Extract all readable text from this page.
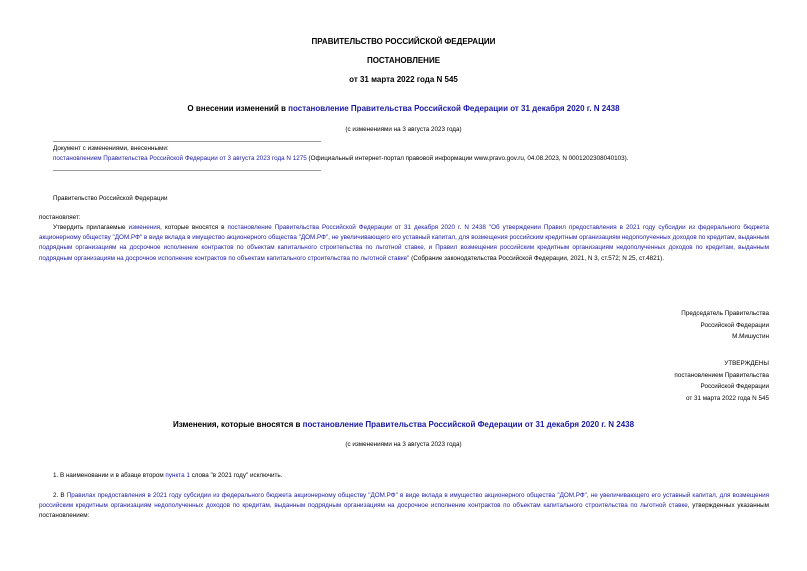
ПРАВИТЕЛЬСТВО РОССИЙСКОЙ ФЕДЕРАЦИИ
ПОСТАНОВЛЕНИЕ
от 31 марта 2022 года N 545
О внесении изменений в постановление Правительства Российской Федерации от 31 декабря 2020 г. N 2438
(с изменениями на 3 августа 2023 года)
Документ с изменениями, внесенными:
постановлением Правительства Российской Федерации от 3 августа 2023 года N 1275 (Официальный интернет-портал правовой информации www.pravo.gov.ru, 04.08.2023, N 0001202308040103).
Правительство Российской Федерации
постановляет:
Утвердить прилагаемые изменения, которые вносятся в постановление Правительства Российской Федерации от 31 декабря 2020 г. N 2438 "Об утверждении Правил предоставления в 2021 году субсидии из федерального бюджета акционерному обществу "ДОМ.РФ" в виде вклада в имущество акционерного общества "ДОМ.РФ", не увеличивающего его уставный капитал, для возмещения российским кредитным организациям недополученных доходов по кредитам, выданным подрядным организациям на досрочное исполнение контрактов по объектам капитального строительства по льготной ставке, и Правил возмещения российским кредитным организациям недополученных доходов по кредитам, выданным подрядным организациям на досрочное исполнение контрактов по объектам капитального строительства по льготной ставке" (Собрание законодательства Российской Федерации, 2021, N 3, ст.572; N 25, ст.4821).
Председатель Правительства
Российской Федерации
М.Мишустин
УТВЕРЖДЕНЫ
постановлением Правительства
Российской Федерации
от 31 марта 2022 года N 545
Изменения, которые вносятся в постановление Правительства Российской Федерации от 31 декабря 2020 г. N 2438
(с изменениями на 3 августа 2023 года)
1. В наименовании и в абзаце втором пункта 1 слова "в 2021 году" исключить.
2. В Правилах предоставления в 2021 году субсидии из федерального бюджета акционерному обществу "ДОМ.РФ" в виде вклада в имущество акционерного общества "ДОМ.РФ", не увеличивающего его уставный капитал, для возмещения российским кредитным организациям недополученных доходов по кредитам, выданным подрядным организациям на досрочное исполнение контрактов по объектам капитального строительства по льготной ставке, утвержденных указанным постановлением:
